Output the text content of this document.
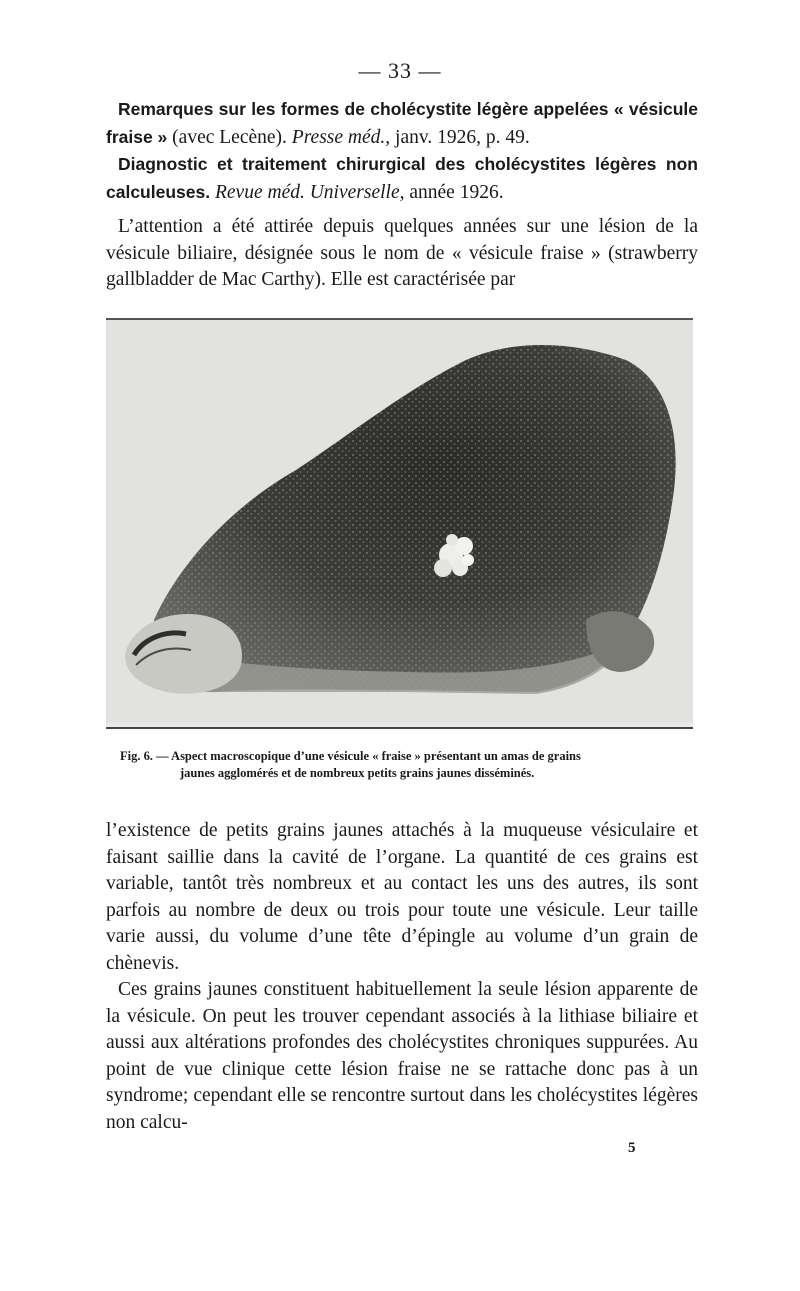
— 33 —

Remarques sur les formes de cholécystite légère appelées « vésicule fraise » (avec Lecène). Presse méd., janv. 1926, p. 49.

Diagnostic et traitement chirurgical des cholécystites légères non calculeuses. Revue méd. Universelle, année 1926.

L’attention a été attirée depuis quelques années sur une lésion de la vésicule biliaire, désignée sous le nom de « vésicule fraise » (strawberry gallbladder de Mac Carthy). Elle est caractérisée par

Fig. 6. — Aspect macroscopique d’une vésicule « fraise » présentant un amas de grains
jaunes agglomérés et de nombreux petits grains jaunes disséminés.

l’existence de petits grains jaunes attachés à la muqueuse vésiculaire et faisant saillie dans la cavité de l’organe. La quantité de ces grains est variable, tantôt très nombreux et au contact les uns des autres, ils sont parfois au nombre de deux ou trois pour toute une vésicule. Leur taille varie aussi, du volume d’une tête d’épingle au volume d’un grain de chènevis.

Ces grains jaunes constituent habituellement la seule lésion apparente de la vésicule. On peut les trouver cependant associés à la lithiase biliaire et aussi aux altérations profondes des cholécystites chroniques suppurées. Au point de vue clinique cette lésion fraise ne se rattache donc pas à un syndrome; cependant elle se rencontre surtout dans les cholécystites légères non calcu-

5
